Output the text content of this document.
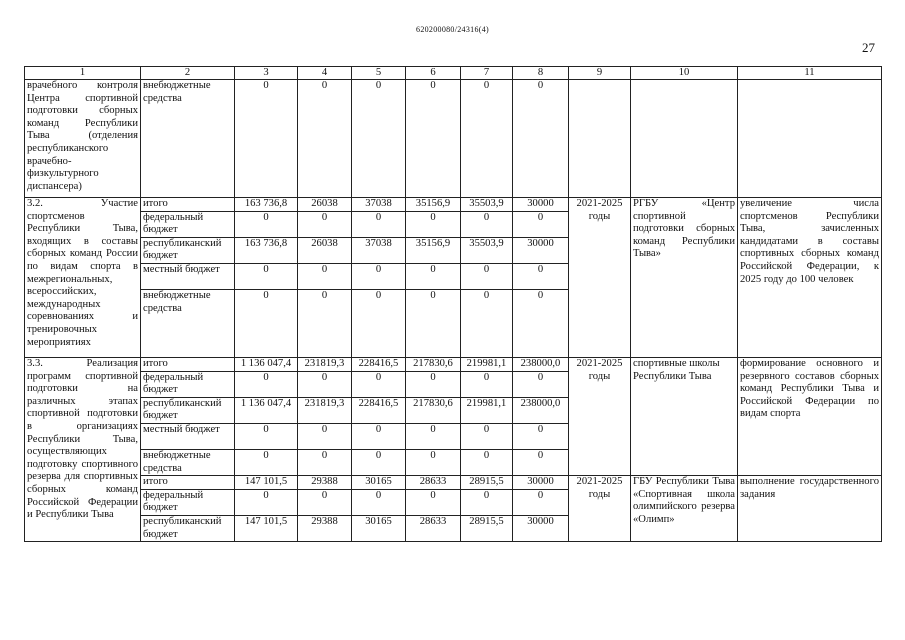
620200080/24316(4)
27
1	2	3	4	5	6	7	8	9	10	11
врачебного контроля Центра спортивной подготовки сборных команд Республики Тыва (отделения республиканского врачебно-физкультурного диспансера)	внебюджетные средства	0	0	0	0	0	0			
3.2. Участие спортсменов Республики Тыва, входящих в составы сборных команд России по видам спорта в межрегиональных, всероссийских, международных соревнованиях и тренировочных мероприятиях	итого	163 736,8	26038	37038	35156,9	35503,9	30000	2021-2025 годы	РГБУ «Центр спортивной подготовки сборных команд Республики Тыва»	увеличение числа спортсменов Республики Тыва, зачисленных кандидатами в составы спортивных сборных команд Российской Федерации, к 2025 году до 100 человек
	федеральный бюджет	0	0	0	0	0	0			
	республиканский бюджет	163 736,8	26038	37038	35156,9	35503,9	30000			
	местный бюджет	0	0	0	0	0	0			
	внебюджетные средства	0	0	0	0	0	0			
3.3. Реализация программ спортивной подготовки на различных этапах спортивной подготовки в организациях Республики Тыва, осуществляющих подготовку спортивного резерва для спортивных сборных команд Российской Федерации и Республики Тыва	итого	1 136 047,4	231819,3	228416,5	217830,6	219981,1	238000,0	2021-2025 годы	спортивные школы Республики Тыва	формирование основного и резервного составов сборных команд Республики Тыва и Российской Федерации по видам спорта
	федеральный бюджет	0	0	0	0	0	0			
	республиканский бюджет	1 136 047,4	231819,3	228416,5	217830,6	219981,1	238000,0			
	местный бюджет	0	0	0	0	0	0			
	внебюджетные средства	0	0	0	0	0	0			
	итого	147 101,5	29388	30165	28633	28915,5	30000	2021-2025 годы	ГБУ Республики Тыва «Спортивная школа олимпийского резерва «Олимп»	выполнение государственного задания
	федеральный бюджет	0	0	0	0	0	0			
	республиканский бюджет	147 101,5	29388	30165	28633	28915,5	30000			
